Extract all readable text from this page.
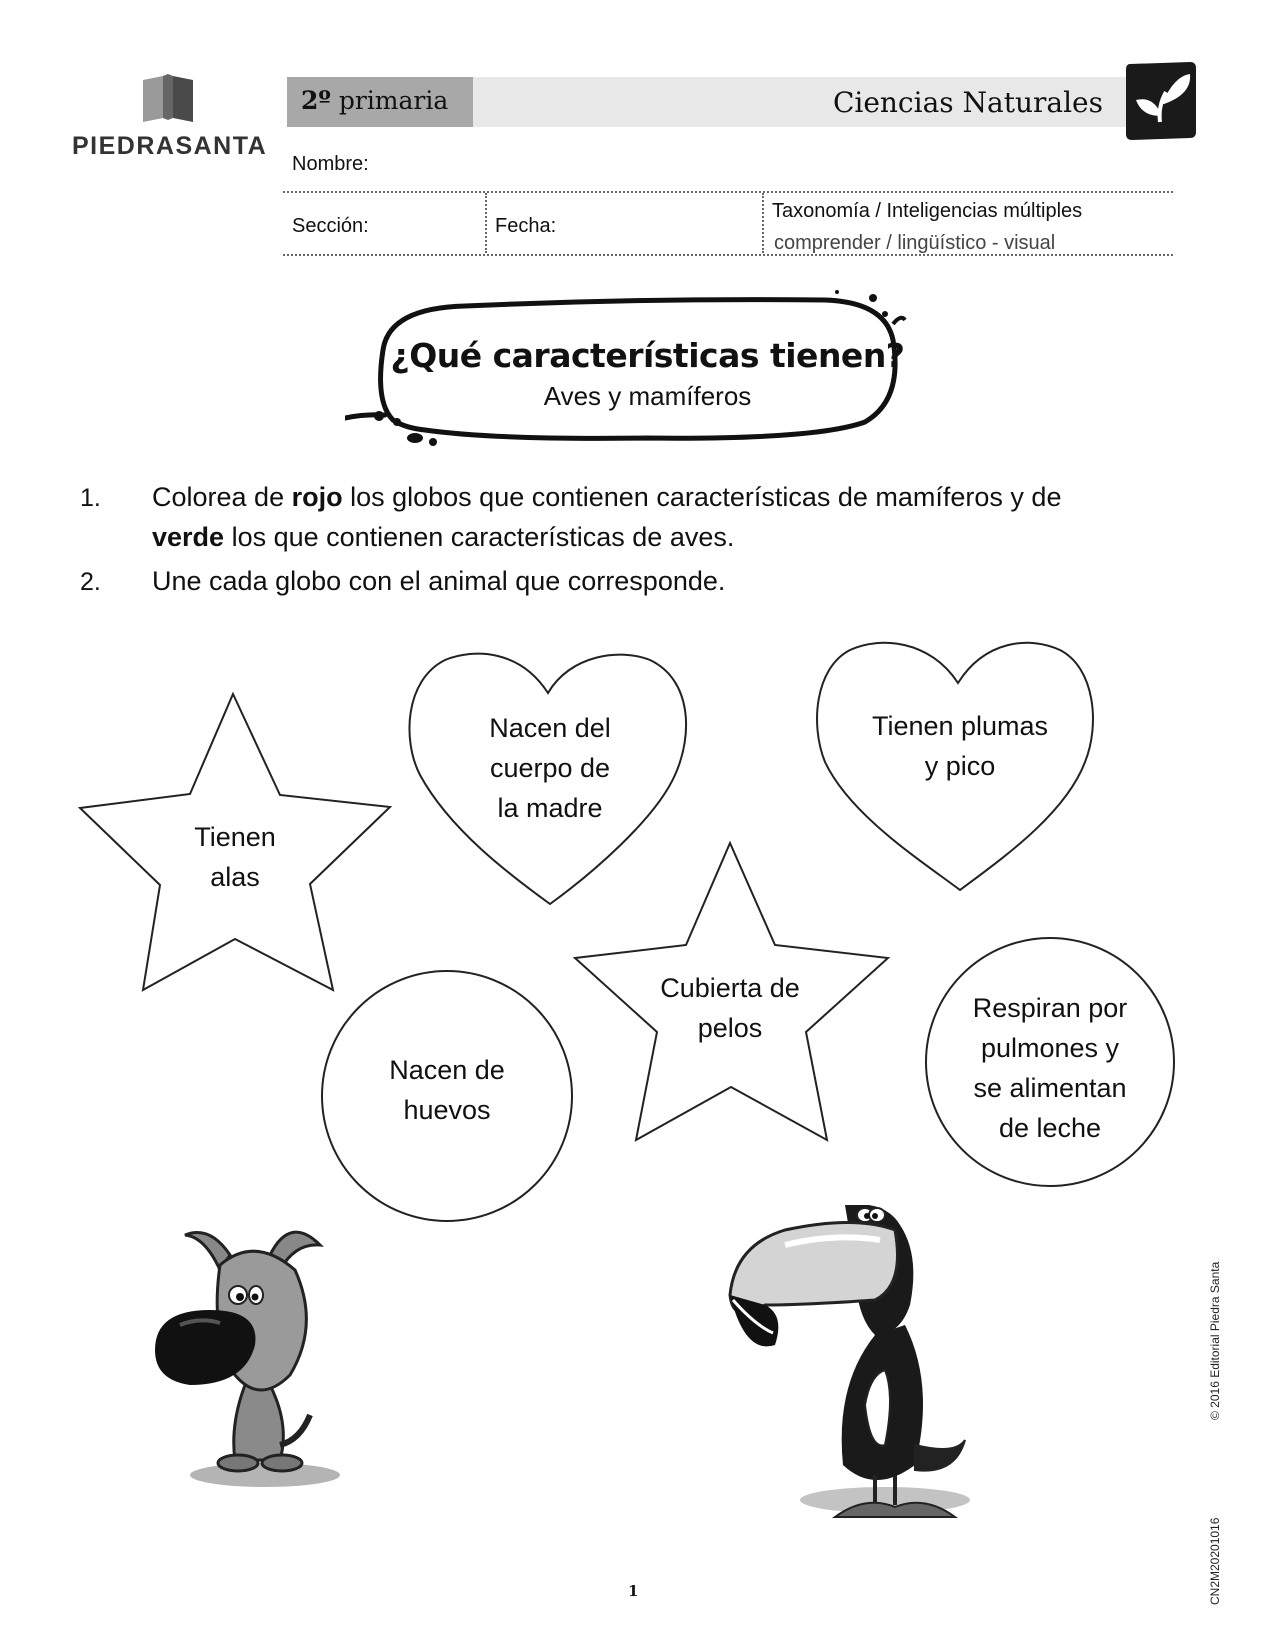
PIEDRASANTA
2º primaria	Ciencias Naturales
Nombre:
Sección:	Fecha:
Taxonomía / Inteligencias múltiples
comprender / lingüístico - visual
¿Qué características tienen?
Aves y mamíferos
1. Colorea de rojo los globos que contienen características de mamíferos y de
verde los que contienen características de aves.
2. Une cada globo con el animal que corresponde.
Tienen
alas
Nacen del
cuerpo de
la madre
Tienen plumas
y pico
Nacen de
huevos
Cubierta de
pelos
Respiran por
pulmones y
se alimentan
de leche
© 2016 Editorial Piedra Santa
CN2M20201016
1
